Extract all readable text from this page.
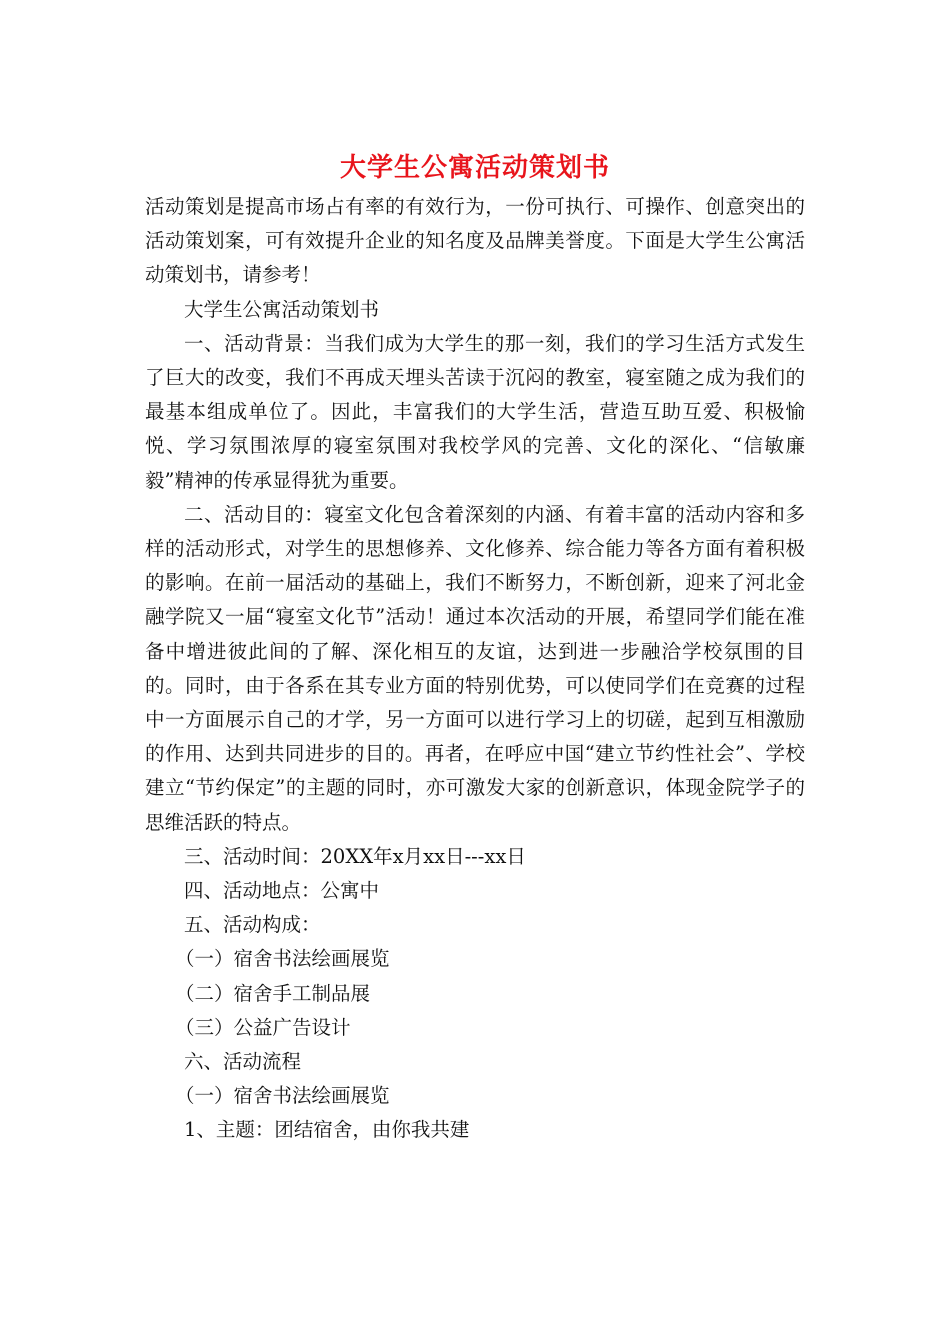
大学生公寓活动策划书

活动策划是提高市场占有率的有效行为，一份可执行、可操作、创意突出的活动策划案，可有效提升企业的知名度及品牌美誉度。下面是大学生公寓活动策划书，请参考！

大学生公寓活动策划书

一、活动背景：当我们成为大学生的那一刻，我们的学习生活方式发生了巨大的改变，我们不再成天埋头苦读于沉闷的教室，寝室随之成为我们的最基本组成单位了。因此，丰富我们的大学生活，营造互助互爱、积极愉悦、学习氛围浓厚的寝室氛围对我校学风的完善、文化的深化、“信敏廉毅”精神的传承显得犹为重要。

二、活动目的：寝室文化包含着深刻的内涵、有着丰富的活动内容和多样的活动形式，对学生的思想修养、文化修养、综合能力等各方面有着积极的影响。在前一届活动的基础上，我们不断努力，不断创新，迎来了河北金融学院又一届“寝室文化节”活动！通过本次活动的开展，希望同学们能在准备中增进彼此间的了解、深化相互的友谊，达到进一步融洽学校氛围的目的。同时，由于各系在其专业方面的特别优势，可以使同学们在竞赛的过程中一方面展示自己的才学，另一方面可以进行学习上的切磋，起到互相激励的作用、达到共同进步的目的。再者，在呼应中国“建立节约性社会”、学校建立“节约保定”的主题的同时，亦可激发大家的创新意识，体现金院学子的思维活跃的特点。

三、活动时间：20XX年x月xx日---xx日

四、活动地点：公寓中

五、活动构成：

（一）宿舍书法绘画展览

（二）宿舍手工制品展

（三）公益广告设计

六、活动流程

（一）宿舍书法绘画展览

1、主题：团结宿舍，由你我共建
